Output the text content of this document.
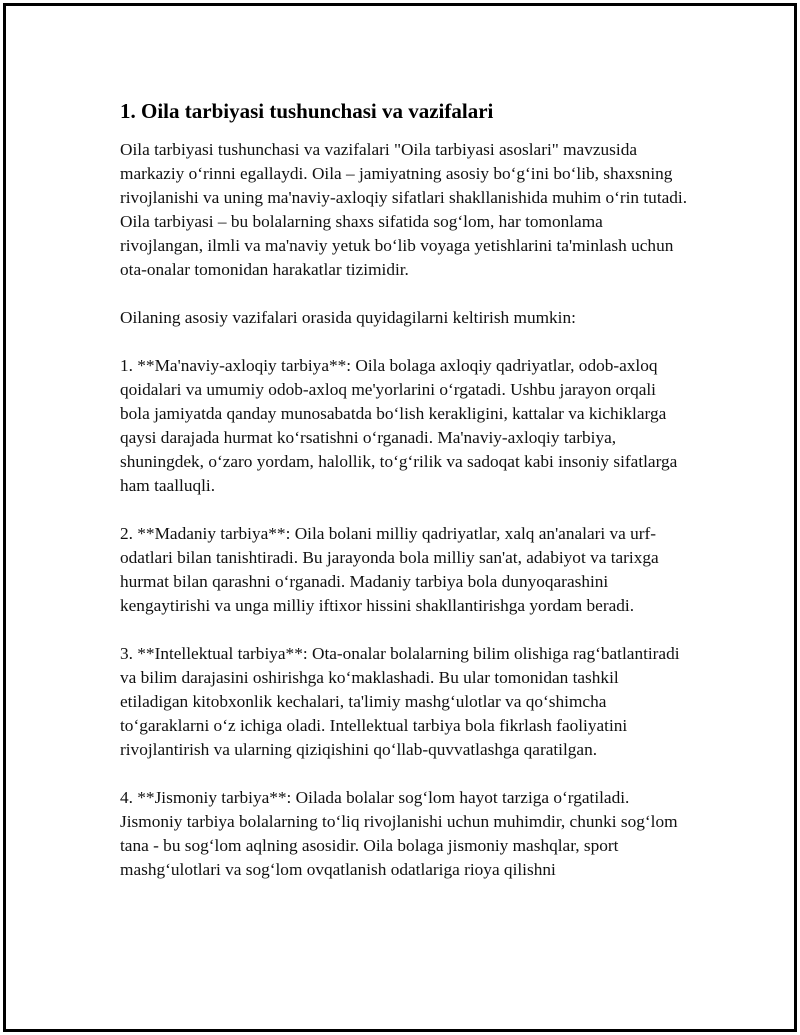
1. Oila tarbiyasi tushunchasi va vazifalari

Oila tarbiyasi tushunchasi va vazifalari "Oila tarbiyasi asoslari" mavzusida markaziy o‘rinni egallaydi. Oila – jamiyatning asosiy bo‘g‘ini bo‘lib, shaxsning rivojlanishi va uning ma'naviy-axloqiy sifatlari shakllanishida muhim o‘rin tutadi. Oila tarbiyasi – bu bolalarning shaxs sifatida sog‘lom, har tomonlama rivojlangan, ilmli va ma'naviy yetuk bo‘lib voyaga yetishlarini ta'minlash uchun ota-onalar tomonidan harakatlar tizimidir.

Oilaning asosiy vazifalari orasida quyidagilarni keltirish mumkin:

1. **Ma'naviy-axloqiy tarbiya**: Oila bolaga axloqiy qadriyatlar, odob-axloq qoidalari va umumiy odob-axloq me'yorlarini o‘rgatadi. Ushbu jarayon orqali bola jamiyatda qanday munosabatda bo‘lish kerakligini, kattalar va kichiklarga qaysi darajada hurmat ko‘rsatishni o‘rganadi. Ma'naviy-axloqiy tarbiya, shuningdek, o‘zaro yordam, halollik, to‘g‘rilik va sadoqat kabi insoniy sifatlarga ham taalluqli.

2. **Madaniy tarbiya**: Oila bolani milliy qadriyatlar, xalq an'analari va urf-odatlari bilan tanishtiradi. Bu jarayonda bola milliy san'at, adabiyot va tarixga hurmat bilan qarashni o‘rganadi. Madaniy tarbiya bola dunyoqarashini kengaytirishi va unga milliy iftixor hissini shakllantirishga yordam beradi.

3. **Intellektual tarbiya**: Ota-onalar bolalarning bilim olishiga rag‘batlantiradi va bilim darajasini oshirishga ko‘maklashadi. Bu ular tomonidan tashkil etiladigan kitobxonlik kechalari, ta'limiy mashg‘ulotlar va qo‘shimcha to‘garaklarni o‘z ichiga oladi. Intellektual tarbiya bola fikrlash faoliyatini rivojlantirish va ularning qiziqishini qo‘llab-quvvatlashga qaratilgan.

4. **Jismoniy tarbiya**: Oilada bolalar sog‘lom hayot tarziga o‘rgatiladi. Jismoniy tarbiya bolalarning to‘liq rivojlanishi uchun muhimdir, chunki sog‘lom tana - bu sog‘lom aqlning asosidir. Oila bolaga jismoniy mashqlar, sport mashg‘ulotlari va sog‘lom ovqatlanish odatlariga rioya qilishni
